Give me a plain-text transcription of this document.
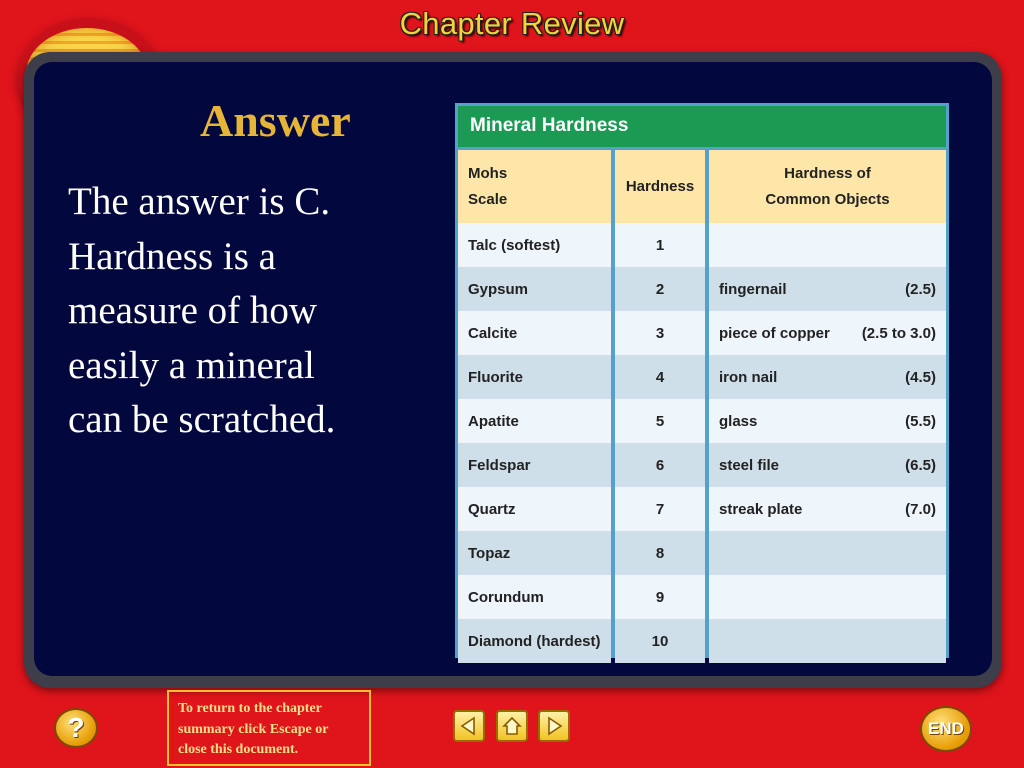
Chapter Review
Answer
The answer is C.
Hardness is a
measure of how
easily a mineral
can be scratched.
Mineral Hardness
Mohs
Scale
Hardness
Hardness of
Common Objects
Talc (softest)	1
Gypsum	2	fingernail	(2.5)
Calcite	3	piece of copper (2.5 to 3.0)
Fluorite	4	iron nail	(4.5)
Apatite	5	glass	(5.5)
Feldspar	6	steel file	(6.5)
Quartz	7	streak plate	(7.0)
Topaz	8
Corundum	9
Diamond (hardest)	10
?
To return to the chapter
summary click Escape or
close this document.
END
